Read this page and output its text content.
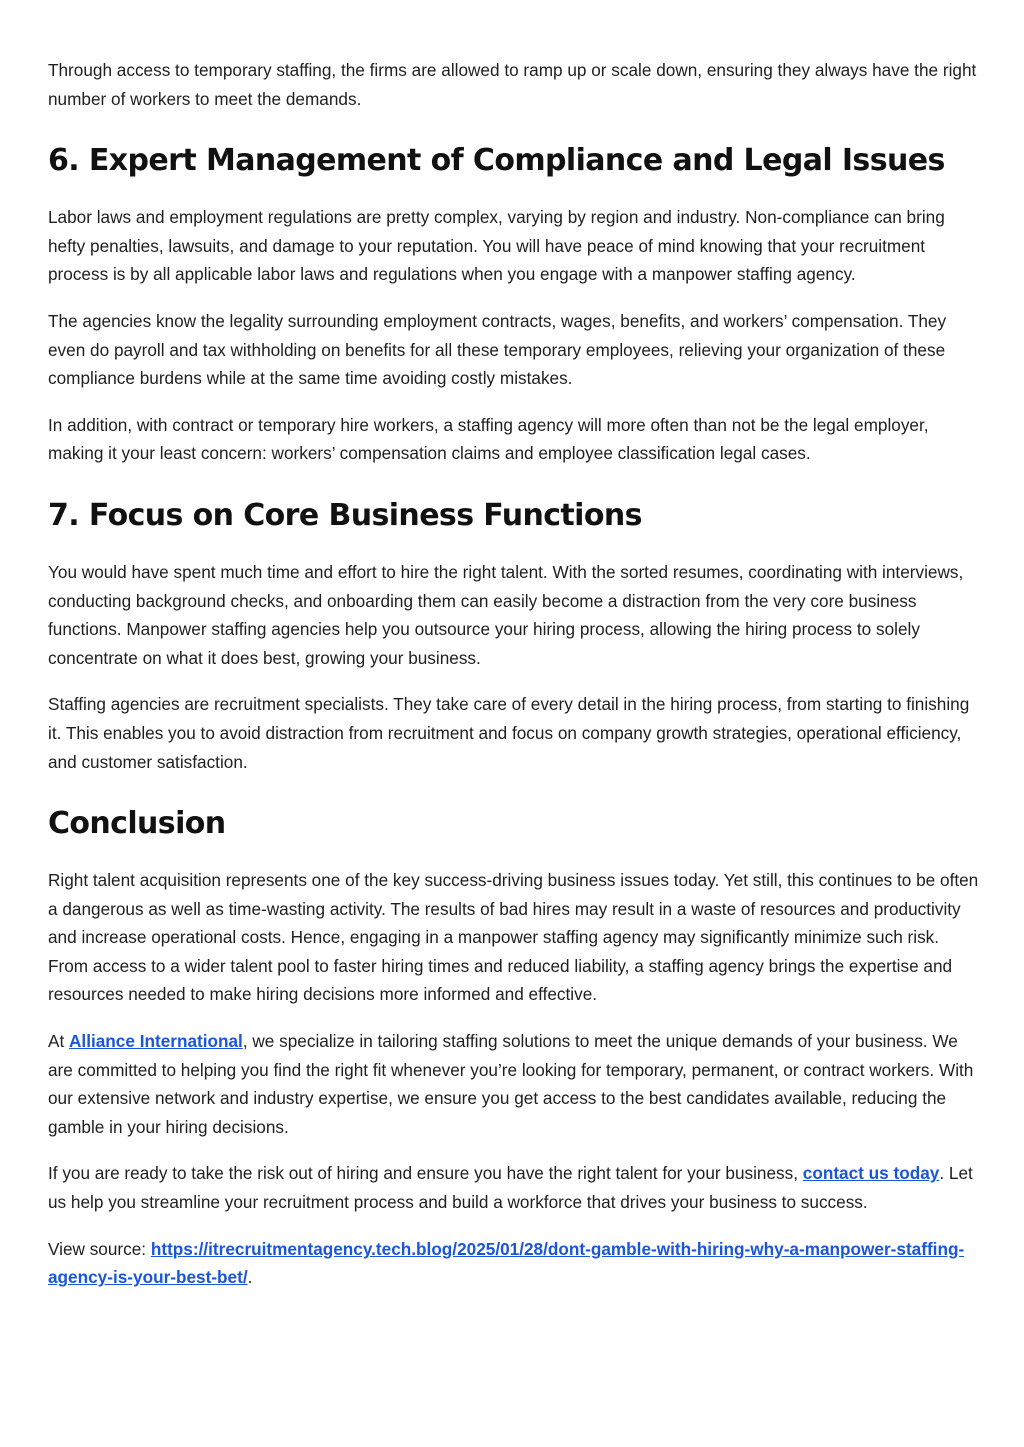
Through access to temporary staffing, the firms are allowed to ramp up or scale down, ensuring they always have the right number of workers to meet the demands.

6. Expert Management of Compliance and Legal Issues

Labor laws and employment regulations are pretty complex, varying by region and industry. Non-compliance can bring hefty penalties, lawsuits, and damage to your reputation. You will have peace of mind knowing that your recruitment process is by all applicable labor laws and regulations when you engage with a manpower staffing agency.

The agencies know the legality surrounding employment contracts, wages, benefits, and workers’ compensation. They even do payroll and tax withholding on benefits for all these temporary employees, relieving your organization of these compliance burdens while at the same time avoiding costly mistakes.

In addition, with contract or temporary hire workers, a staffing agency will more often than not be the legal employer, making it your least concern: workers’ compensation claims and employee classification legal cases.

7. Focus on Core Business Functions

You would have spent much time and effort to hire the right talent. With the sorted resumes, coordinating with interviews, conducting background checks, and onboarding them can easily become a distraction from the very core business functions. Manpower staffing agencies help you outsource your hiring process, allowing the hiring process to solely concentrate on what it does best, growing your business.

Staffing agencies are recruitment specialists. They take care of every detail in the hiring process, from starting to finishing it. This enables you to avoid distraction from recruitment and focus on company growth strategies, operational efficiency, and customer satisfaction.

Conclusion

Right talent acquisition represents one of the key success-driving business issues today. Yet still, this continues to be often a dangerous as well as time-wasting activity. The results of bad hires may result in a waste of resources and productivity and increase operational costs. Hence, engaging in a manpower staffing agency may significantly minimize such risk. From access to a wider talent pool to faster hiring times and reduced liability, a staffing agency brings the expertise and resources needed to make hiring decisions more informed and effective.

At Alliance International, we specialize in tailoring staffing solutions to meet the unique demands of your business. We are committed to helping you find the right fit whenever you’re looking for temporary, permanent, or contract workers. With our extensive network and industry expertise, we ensure you get access to the best candidates available, reducing the gamble in your hiring decisions.

If you are ready to take the risk out of hiring and ensure you have the right talent for your business, contact us today. Let us help you streamline your recruitment process and build a workforce that drives your business to success.

View source: https://itrecruitmentagency.tech.blog/2025/01/28/dont-gamble-with-hiring-why-a-manpower-staffing-agency-is-your-best-bet/.
